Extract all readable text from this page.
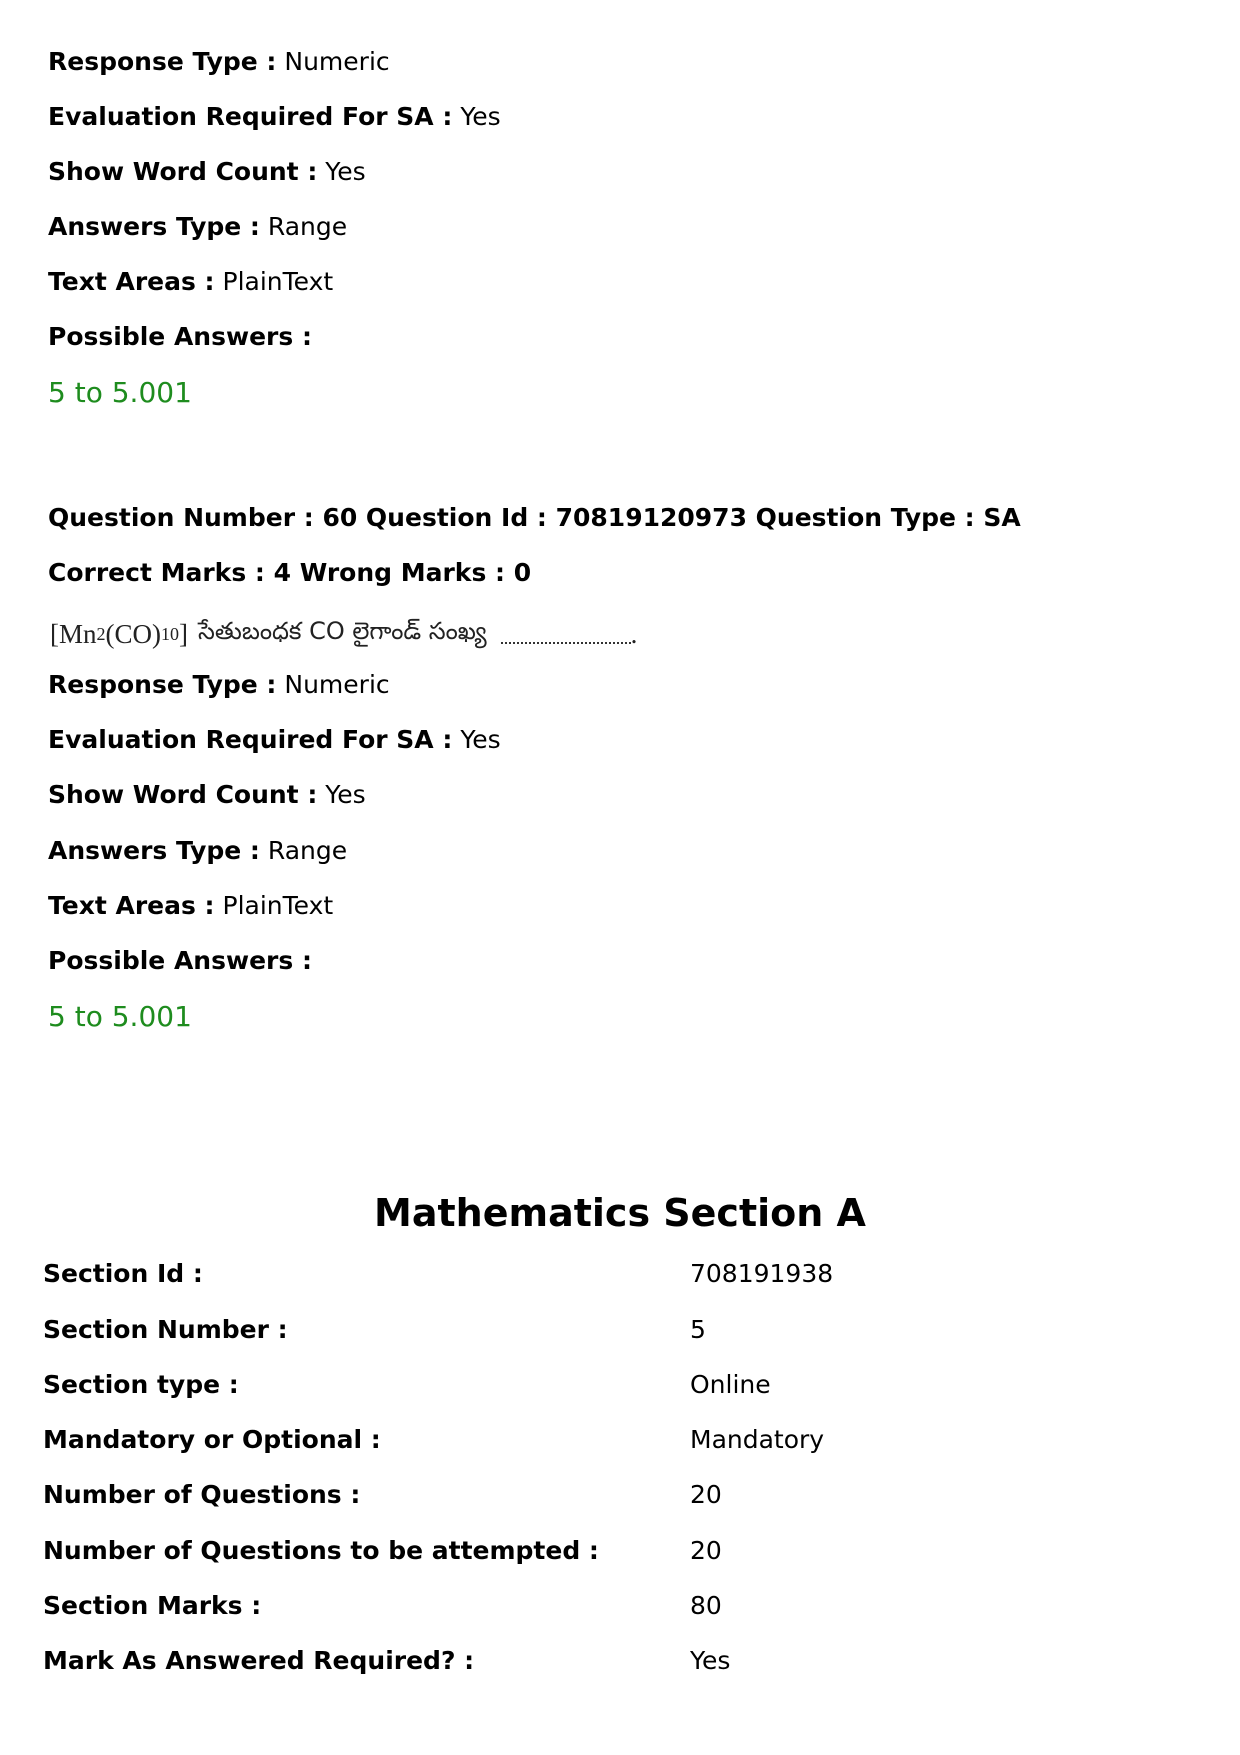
Response Type : Numeric
Evaluation Required For SA : Yes
Show Word Count : Yes
Answers Type : Range
Text Areas : PlainText
Possible Answers :
5 to 5.001
Question Number : 60 Question Id : 70819120973 Question Type : SA
Correct Marks : 4 Wrong Marks : 0
[Mn 2 (CO) 10 ] సేతుబంధక CO లైగాండ్ సంఖ్య	.
Response Type : Numeric
Evaluation Required For SA : Yes
Show Word Count : Yes
Answers Type : Range
Text Areas : PlainText
Possible Answers :
5 to 5.001
Mathematics Section A
Section Id :	708191938
Section Number :	5
Section type :	Online
Mandatory or Optional :	Mandatory
Number of Questions :	20
Number of Questions to be attempted :	20
Section Marks :	80
Mark As Answered Required? :	Yes
